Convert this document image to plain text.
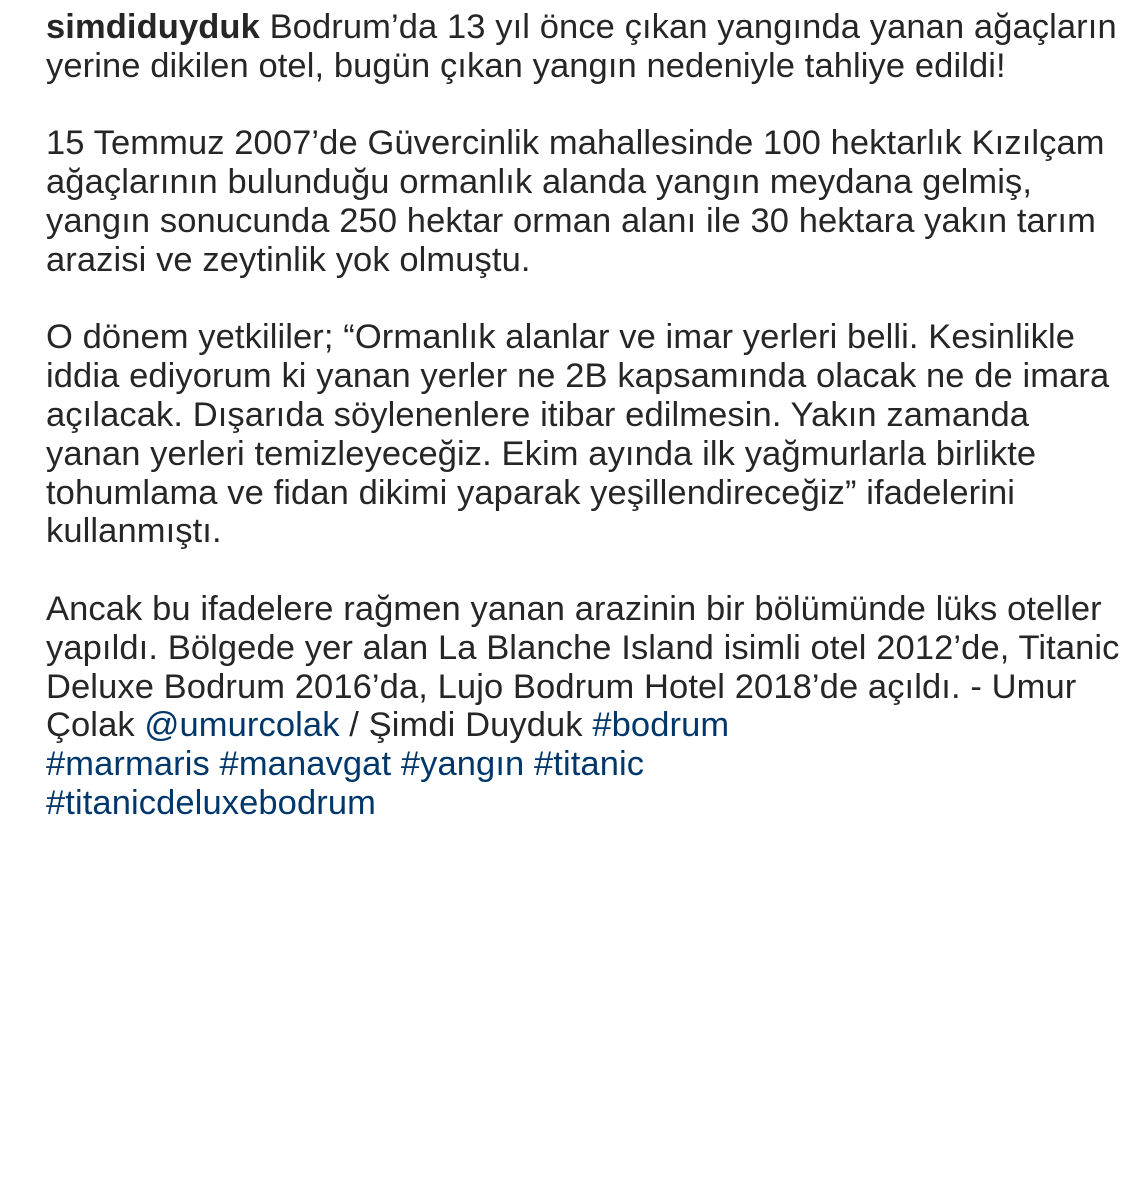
simdiduyduk Bodrum’da 13 yıl önce çıkan yangında yanan ağaçların yerine dikilen otel, bugün çıkan yangın nedeniyle tahliye edildi!

15 Temmuz 2007’de Güvercinlik mahallesinde 100 hektarlık Kızılçam ağaçlarının bulunduğu ormanlık alanda yangın meydana gelmiş, yangın sonucunda 250 hektar orman alanı ile 30 hektara yakın tarım arazisi ve zeytinlik yok olmuştu.

O dönem yetkililer; “Ormanlık alanlar ve imar yerleri belli. Kesinlikle iddia ediyorum ki yanan yerler ne 2B kapsamında olacak ne de imara açılacak. Dışarıda söylenenlere itibar edilmesin. Yakın zamanda yanan yerleri temizleyeceğiz. Ekim ayında ilk yağmurlarla birlikte tohumlama ve fidan dikimi yaparak yeşillendireceğiz” ifadelerini kullanmıştı.

Ancak bu ifadelere rağmen yanan arazinin bir bölümünde lüks oteller yapıldı. Bölgede yer alan La Blanche Island isimli otel 2012’de, Titanic Deluxe Bodrum 2016’da, Lujo Bodrum Hotel 2018’de açıldı. - Umur Çolak @umurcolak / Şimdi Duyduk #bodrum
#marmaris #manavgat #yangın #titanic
#titanicdeluxebodrum
